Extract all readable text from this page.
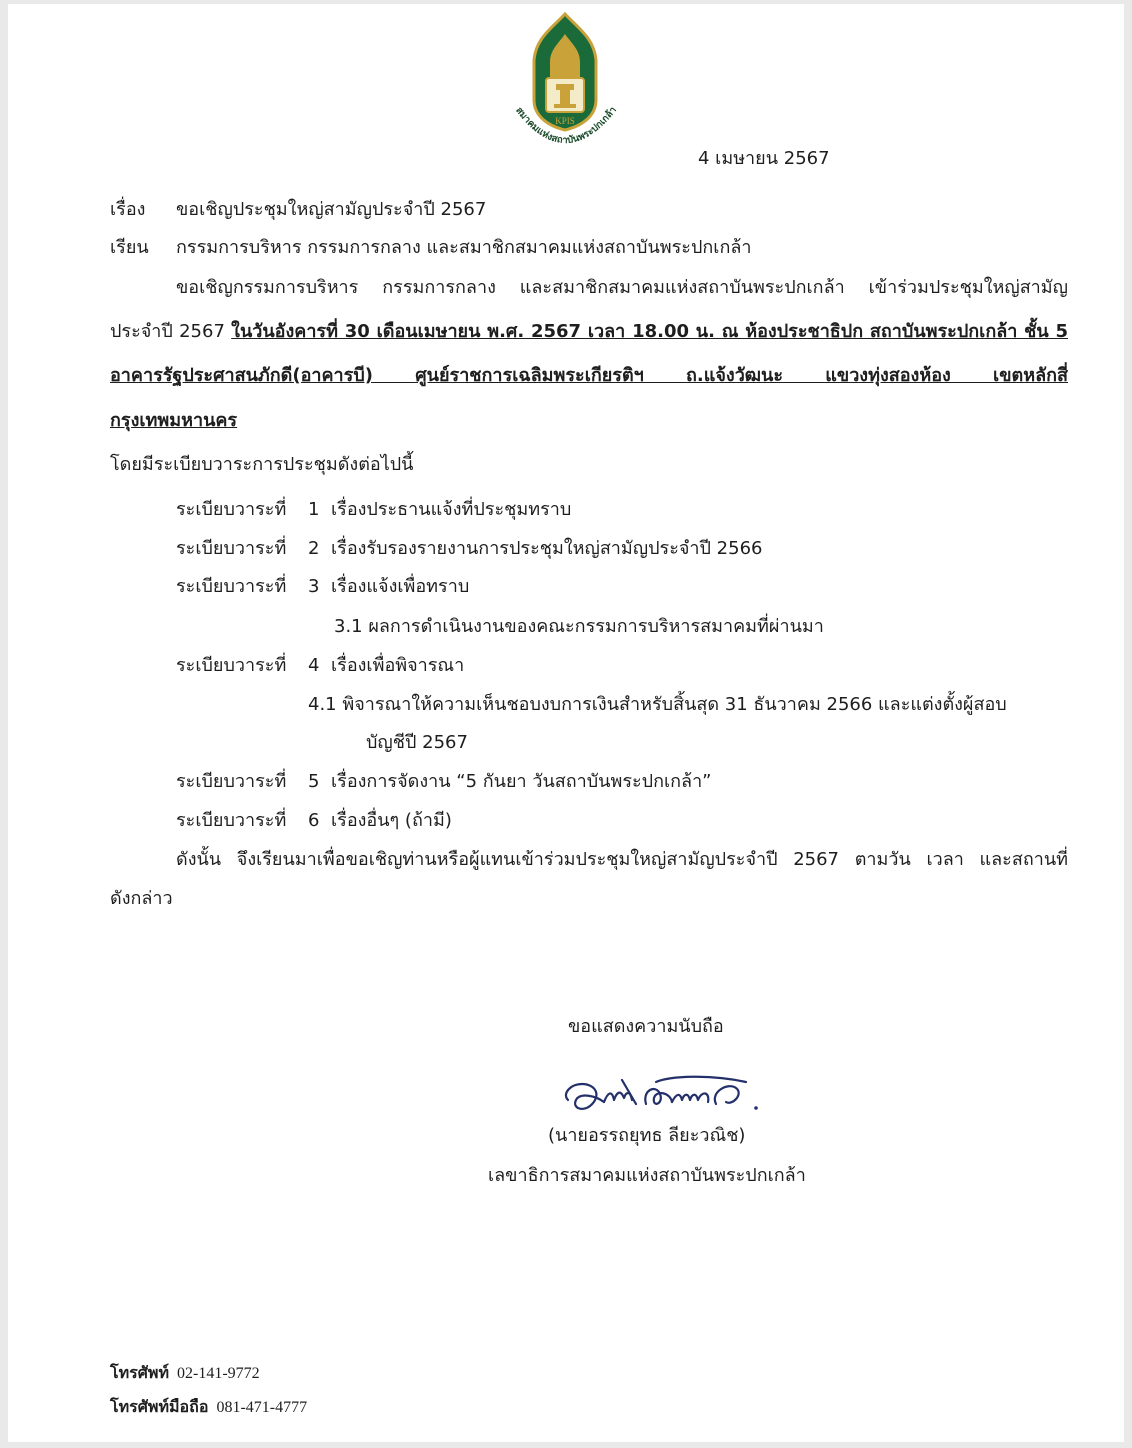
KPIS
สมาคมแห่งสถาบันพระปกเกล้า
4 เมษายน 2567
เรื่อง ขอเชิญประชุมใหญ่สามัญประจำปี 2567
เรียน กรรมการบริหาร กรรมการกลาง และสมาชิกสมาคมแห่งสถาบันพระปกเกล้า
ขอเชิญกรรมการบริหาร กรรมการกลาง และสมาชิกสมาคมแห่งสถาบันพระปกเกล้า เข้าร่วมประชุมใหญ่สามัญ
ประจำปี 2567 ในวันอังคารที่ 30 เดือนเมษายน พ.ศ. 2567 เวลา 18.00 น. ณ ห้องประชาธิปก สถาบันพระปกเกล้า ชั้น 5
อาคารรัฐประศาสนภักดี(อาคารบี) ศูนย์ราชการเฉลิมพระเกียรติฯ ถ.แจ้งวัฒนะ แขวงทุ่งสองห้อง เขตหลักสี่
กรุงเทพมหานคร
โดยมีระเบียบวาระการประชุมดังต่อไปนี้
ระเบียบวาระที่ 1 เรื่องประธานแจ้งที่ประชุมทราบ
ระเบียบวาระที่ 2 เรื่องรับรองรายงานการประชุมใหญ่สามัญประจำปี 2566
ระเบียบวาระที่ 3 เรื่องแจ้งเพื่อทราบ
3.1 ผลการดำเนินงานของคณะกรรมการบริหารสมาคมที่ผ่านมา
ระเบียบวาระที่ 4 เรื่องเพื่อพิจารณา
4.1 พิจารณาให้ความเห็นชอบงบการเงินสำหรับสิ้นสุด 31 ธันวาคม 2566 และแต่งตั้งผู้สอบ
บัญชีปี 2567
ระเบียบวาระที่ 5 เรื่องการจัดงาน “5 กันยา วันสถาบันพระปกเกล้า”
ระเบียบวาระที่ 6 เรื่องอื่นๆ (ถ้ามี)
ดังนั้น จึงเรียนมาเพื่อขอเชิญท่านหรือผู้แทนเข้าร่วมประชุมใหญ่สามัญประจำปี 2567 ตามวัน เวลา และสถานที่
ดังกล่าว
ขอแสดงความนับถือ
(นายอรรถยุทธ ลียะวณิช)
เลขาธิการสมาคมแห่งสถาบันพระปกเกล้า
โทรศัพท์ 02-141-9772
โทรศัพท์มือถือ 081-471-4777
